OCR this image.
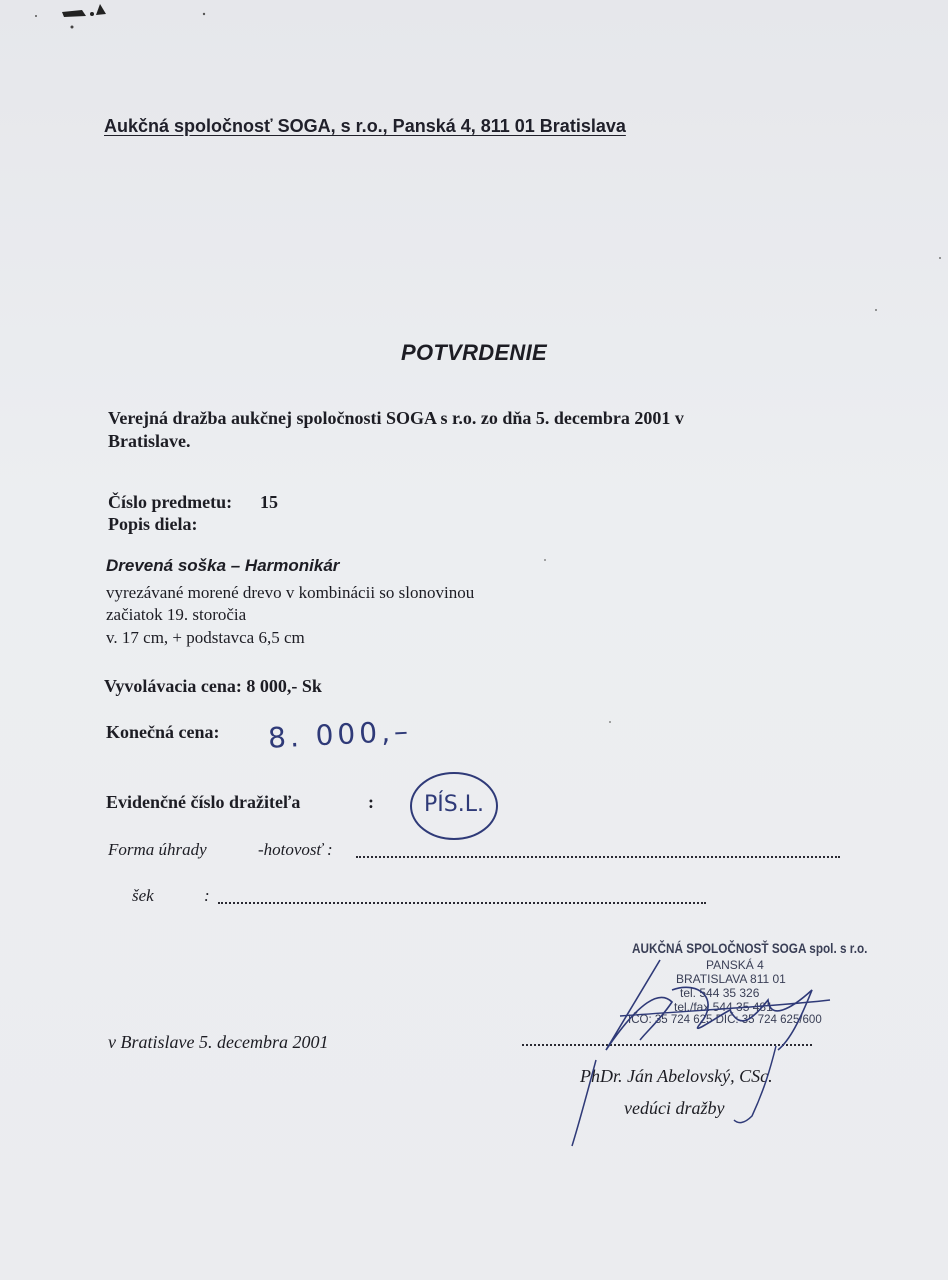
Aukčná spoločnosť SOGA, s r.o., Panská 4, 811 01 Bratislava
POTVRDENIE
Verejná dražba aukčnej spoločnosti SOGA s r.o. zo dňa 5. decembra 2001 v
Bratislave.
Číslo predmetu: 15
Popis diela:
Drevená soška – Harmonikár
vyrezávané morené drevo v kombinácii so slonovinou
začiatok 19. storočia
v. 17 cm, + podstavca 6,5 cm
Vyvolávacia cena: 8 000,- Sk
Konečná cena: 8. 000,–
Evidenčné číslo dražiteľa	: PÍS.L.
Forma úhrady	-hotovosť :
šek	:
AUKČNÁ SPOLOČNOSŤ SOGA spol. s r.o.
PANSKÁ 4
BRATISLAVA 811 01
tel. 544 35 326
tel./fax 544 35 481
IČO: 35 724 625 DIČ: 35 724 625/600
v Bratislave 5. decembra 2001
PhDr. Ján Abelovský, CSc.
vedúci dražby
